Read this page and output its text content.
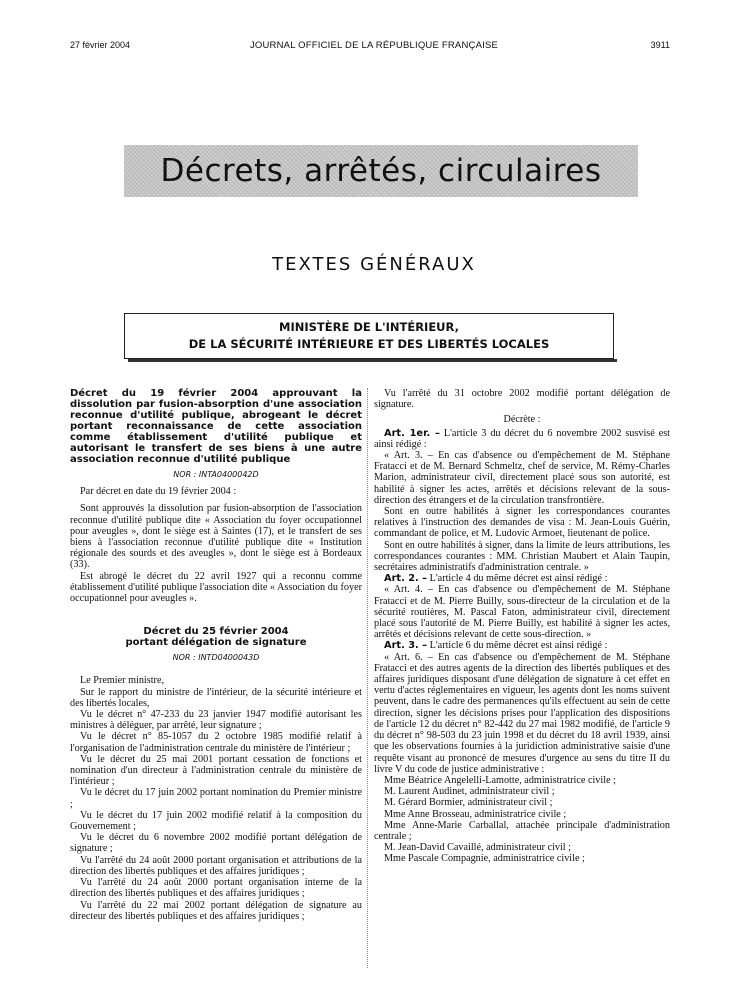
27 février 2004	JOURNAL OFFICIEL DE LA RÉPUBLIQUE FRANÇAISE	3911
Décrets, arrêtés, circulaires
TEXTES GÉNÉRAUX
MINISTÈRE DE L'INTÉRIEUR,
DE LA SÉCURITÉ INTÉRIEURE ET DES LIBERTÉS LOCALES
Décret du 19 février 2004 approuvant la dissolution par fusion-absorption d'une association reconnue d'utilité publique, abrogeant le décret portant reconnaissance de cette association comme établissement d'utilité publique et autorisant le transfert de ses biens à une autre association reconnue d'utilité publique
NOR : INTA0400042D

Par décret en date du 19 février 2004 :

Sont approuvés la dissolution par fusion-absorption de l'association reconnue d'utilité publique dite « Association du foyer occupationnel pour aveugles », dont le siège est à Saintes (17), et le transfert de ses biens à l'association reconnue d'utilité publique dite « Institution régionale des sourds et des aveugles », dont le siège est à Bordeaux (33).

Est abrogé le décret du 22 avril 1927 qui a reconnu comme établissement d'utilité publique l'association dite « Association du foyer occupationnel pour aveugles ».

Décret du 25 février 2004
portant délégation de signature
NOR : INTD0400043D

Le Premier ministre,

Sur le rapport du ministre de l'intérieur, de la sécurité intérieure et des libertés locales,

Vu le décret n° 47-233 du 23 janvier 1947 modifié autorisant les ministres à déléguer, par arrêté, leur signature ;

Vu le décret n° 85-1057 du 2 octobre 1985 modifié relatif à l'organisation de l'administration centrale du ministère de l'intérieur ;

Vu le décret du 25 mai 2001 portant cessation de fonctions et nomination d'un directeur à l'administration centrale du ministère de l'intérieur ;

Vu le décret du 17 juin 2002 portant nomination du Premier ministre ;

Vu le décret du 17 juin 2002 modifié relatif à la composition du Gouvernement ;

Vu le décret du 6 novembre 2002 modifié portant délégation de signature ;

Vu l'arrêté du 24 août 2000 portant organisation et attributions de la direction des libertés publiques et des affaires juridiques ;

Vu l'arrêté du 24 août 2000 portant organisation interne de la direction des libertés publiques et des affaires juridiques ;

Vu l'arrêté du 22 mai 2002 portant délégation de signature au directeur des libertés publiques et des affaires juridiques ;

Vu l'arrêté du 31 octobre 2002 modifié portant délégation de signature.

Décrète :

Art. 1er. – L'article 3 du décret du 6 novembre 2002 susvisé est ainsi rédigé :

« Art. 3. – En cas d'absence ou d'empêchement de M. Stéphane Fratacci et de M. Bernard Schmeltz, chef de service, M. Rémy-Charles Marion, administrateur civil, directement placé sous son autorité, est habilité à signer les actes, arrêtés et décisions relevant de la sous-direction des étrangers et de la circulation transfrontière.

Sont en outre habilités à signer les correspondances courantes relatives à l'instruction des demandes de visa : M. Jean-Louis Guérin, commandant de police, et M. Ludovic Armoet, lieutenant de police.

Sont en outre habilités à signer, dans la limite de leurs attributions, les correspondances courantes : MM. Christian Maubert et Alain Taupin, secrétaires administratifs d'administration centrale. »

Art. 2. – L'article 4 du même décret est ainsi rédigé :

« Art. 4. – En cas d'absence ou d'empêchement de M. Stéphane Fratacci et de M. Pierre Builly, sous-directeur de la circulation et de la sécurité routières, M. Pascal Faton, administrateur civil, directement placé sous l'autorité de M. Pierre Builly, est habilité à signer les actes, arrêtés et décisions relevant de cette sous-direction. »

Art. 3. – L'article 6 du même décret est ainsi rédigé :

« Art. 6. – En cas d'absence ou d'empêchement de M. Stéphane Fratacci et des autres agents de la direction des libertés publiques et des affaires juridiques disposant d'une délégation de signature à cet effet en vertu d'actes réglementaires en vigueur, les agents dont les noms suivent peuvent, dans le cadre des permanences qu'ils effectuent au sein de cette direction, signer les décisions prises pour l'application des dispositions de l'article 12 du décret n° 82-442 du 27 mai 1982 modifié, de l'article 9 du décret n° 98-503 du 23 juin 1998 et du décret du 18 avril 1939, ainsi que les observations fournies à la juridiction administrative saisie d'une requête visant au prononcé de mesures d'urgence au sens du titre II du livre V du code de justice administrative :

Mme Béatrice Angelelli-Lamotte, administratrice civile ;

M. Laurent Audinet, administrateur civil ;

M. Gérard Bormier, administrateur civil ;

Mme Anne Brosseau, administratrice civile ;

Mme Anne-Marie Carballal, attachée principale d'administration centrale ;

M. Jean-David Cavaillé, administrateur civil ;

Mme Pascale Compagnie, administratrice civile ;
